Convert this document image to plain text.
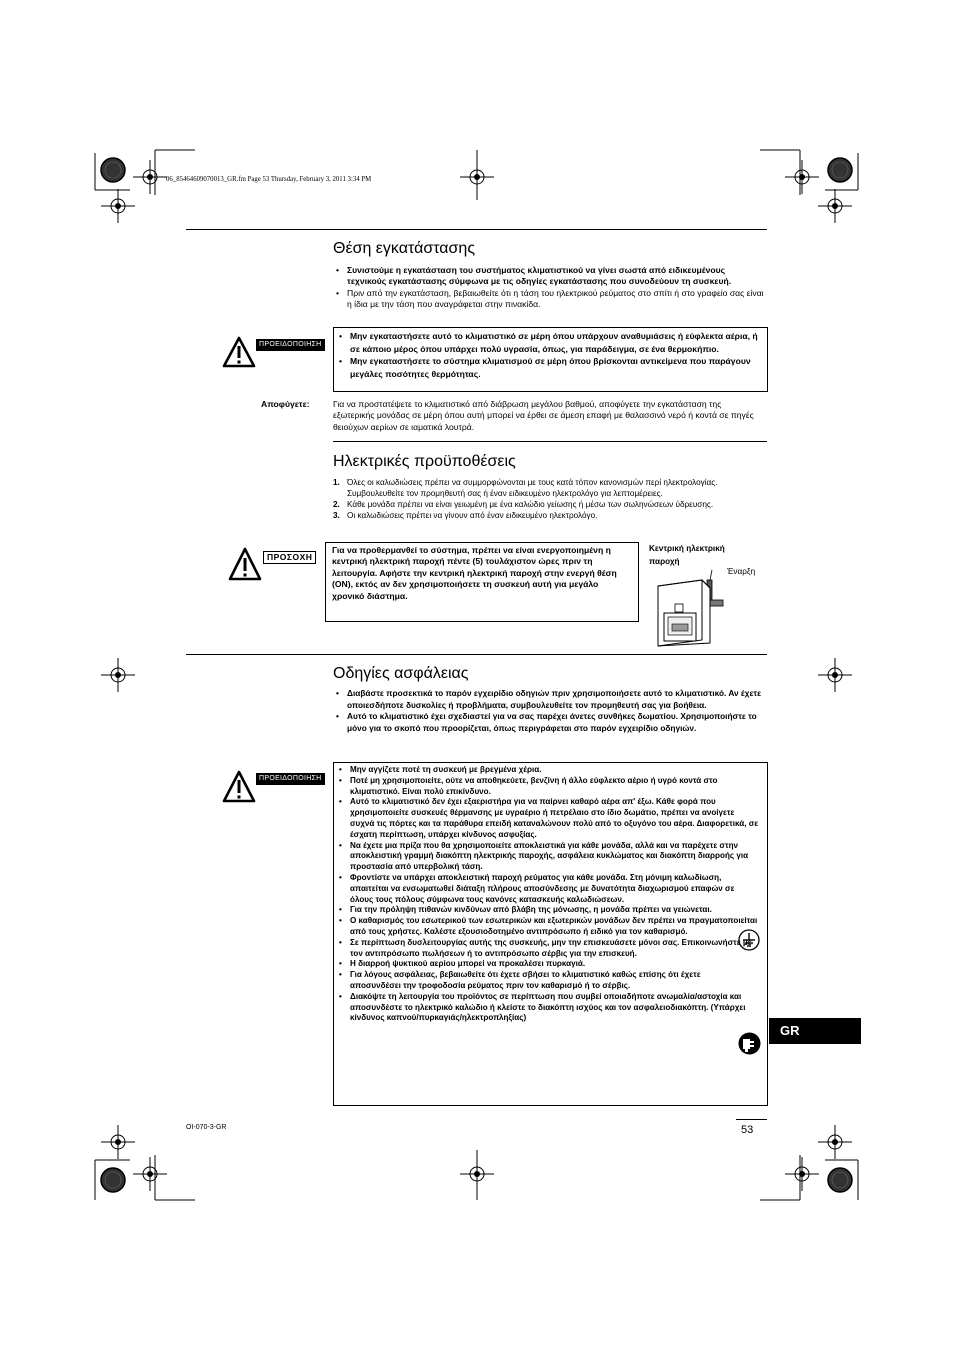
06_85464609070013_GR.fm Page 53 Thursday, February 3, 2011 3:34 PM
Θέση εγκατάστασης
• Συνιστούμε η εγκατάσταση του συστήματος κλιματιστικού να γίνει σωστά από ειδικευμένους τεχνικούς εγκατάστασης σύμφωνα με τις οδηγίες εγκατάστασης που συνοδεύουν τη συσκευή.
• Πριν από την εγκατάσταση, βεβαιωθείτε ότι η τάση του ηλεκτρικού ρεύματος στο σπίτι ή στο γραφείο σας είναι η ίδια με την τάση που αναγράφεται στην πινακίδα.
ΠΡΟΕΙΔΟΠΟΙΗΣΗ
• Μην εγκαταστήσετε αυτό το κλιματιστικό σε μέρη όπου υπάρχουν αναθυμιάσεις ή εύφλεκτα αέρια, ή σε κάποιο μέρος όπου υπάρχει πολύ υγρασία, όπως, για παράδειγμα, σε ένα θερμοκήπιο.
• Μην εγκαταστήσετε το σύστημα κλιματισμού σε μέρη όπου βρίσκονται αντικείμενα που παράγουν μεγάλες ποσότητες θερμότητας.
Αποφύγετε:	Για να προστατέψετε το κλιματιστικό από διάβρωση μεγάλου βαθμού, αποφύγετε την εγκατάσταση της εξωτερικής μονάδας σε μέρη όπου αυτή μπορεί να έρθει σε άμεση επαφή με θαλασσινό νερό ή κοντά σε πηγές θειούχων αερίων σε ιαματικά λουτρά.
Ηλεκτρικές προϋποθέσεις
1. Όλες οι καλωδιώσεις πρέπει να συμμορφώνονται με τους κατά τόπον κανονισμών περί ηλεκτρολογίας. Συμβουλευθείτε τον προμηθευτή σας ή έναν ειδικευμένο ηλεκτρολόγο για λεπτομέρειες.
2. Κάθε μονάδα πρέπει να είναι γειωμένη με ένα καλώδιο γείωσης ή μέσω των σωληνώσεων ύδρευσης.
3. Οι καλωδιώσεις πρέπει να γίνουν από έναν ειδικευμένο ηλεκτρολόγο.
ΠΡΟΣΟΧΗ
Για να προθερμανθεί το σύστημα, πρέπει να είναι ενεργοποιημένη η κεντρική ηλεκτρική παροχή πέντε (5) τουλάχιστον ώρες πριν τη λειτουργία. Αφήστε την κεντρική ηλεκτρική παροχή στην ενεργή θέση (ON), εκτός αν δεν χρησιμοποιήσετε τη συσκευή αυτή για μεγάλο χρονικό διάστημα.
Κεντρική ηλεκτρική παροχή
Έναρξη
Οδηγίες ασφάλειας
• Διαβάστε προσεκτικά το παρόν εγχειρίδιο οδηγιών πριν χρησιμοποιήσετε αυτό το κλιματιστικό. Αν έχετε οποιεσδήποτε δυσκολίες ή προβλήματα, συμβουλευθείτε τον προμηθευτή σας για βοήθεια.
• Αυτό το κλιματιστικό έχει σχεδιαστεί για να σας παρέχει άνετες συνθήκες δωματίου. Χρησιμοποιήστε το μόνο για το σκοπό που προορίζεται, όπως περιγράφεται στο παρόν εγχειρίδιο οδηγιών.
ΠΡΟΕΙΔΟΠΟΙΗΣΗ
• Μην αγγίζετε ποτέ τη συσκευή με βρεγμένα χέρια.
• Ποτέ μη χρησιμοποιείτε, ούτε να αποθηκεύετε, βενζίνη ή άλλο εύφλεκτο αέριο ή υγρό κοντά στο κλιματιστικό. Είναι πολύ επικίνδυνο.
• Αυτό το κλιματιστικό δεν έχει εξαεριστήρα για να παίρνει καθαρό αέρα απ' έξω. Κάθε φορά που χρησιμοποιείτε συσκευές θέρμανσης με υγραέριο ή πετρέλαιο στο ίδιο δωμάτιο, πρέπει να ανοίγετε συχνά τις πόρτες και τα παράθυρα επειδή καταναλώνουν πολύ από το οξυγόνο του αέρα. Διαφορετικά, σε έσχατη περίπτωση, υπάρχει κίνδυνος ασφυξίας.
• Να έχετε μια πρίζα που θα χρησιμοποιείτε αποκλειστικά για κάθε μονάδα, αλλά και να παρέχετε στην αποκλειστική γραμμή διακόπτη ηλεκτρικής παροχής, ασφάλεια κυκλώματος και διακόπτη διαρροής για προστασία από υπερβολική τάση.
• Φροντίστε να υπάρχει αποκλειστική παροχή ρεύματος για κάθε μονάδα. Στη μόνιμη καλωδίωση, απαιτείται να ενσωματωθεί διάταξη πλήρους αποσύνδεσης με δυνατότητα διαχωρισμού επαφών σε όλους τους πόλους σύμφωνα τους κανόνες κατασκευής καλωδιώσεων.
• Για την πρόληψη πιθανών κινδύνων από βλάβη της μόνωσης, η μονάδα πρέπει να γειώνεται.
• Ο καθαρισμός του εσωτερικού των εσωτερικών και εξωτερικών μονάδων δεν πρέπει να πραγματοποιείται από τους χρήστες. Καλέστε εξουσιοδοτημένο αντιπρόσωπο ή ειδικό για τον καθαρισμό.
• Σε περίπτωση δυσλειτουργίας αυτής της συσκευής, μην την επισκευάσετε μόνοι σας. Επικοινωνήστε με τον αντιπρόσωπο πωλήσεων ή το αντιπρόσωπο σέρβις για την επισκευή.
• Η διαρροή ψυκτικού αερίου μπορεί να προκαλέσει πυρκαγιά.
• Για λόγους ασφάλειας, βεβαιωθείτε ότι έχετε σβήσει το κλιματιστικό καθώς επίσης ότι έχετε αποσυνδέσει την τροφοδοσία ρεύματος πριν τον καθαρισμό ή το σέρβις.
• Διακόψτε τη λειτουργία του προϊόντος σε περίπτωση που συμβεί οποιαδήποτε ανωμαλία/αστοχία και αποσυνδέστε το ηλεκτρικό καλώδιο ή κλείστε το διακόπτη ισχύος και τον ασφαλειοδιακόπτη. (Υπάρχει κίνδυνος καπνού/πυρκαγιάς/ηλεκτροπληξίας)
GR
OI-070-3-GR	53
